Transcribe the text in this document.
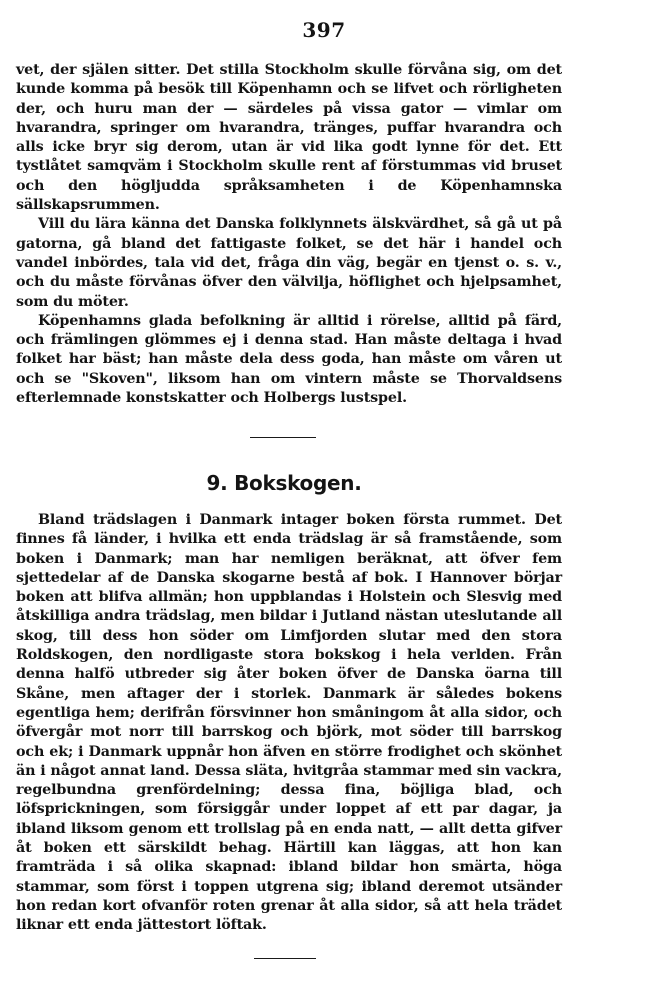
397

vet, der själen sitter. Det stilla Stockholm skulle förvåna sig, om det kunde komma på besök till Köpenhamn och se lifvet och rörligheten der, och huru man der — särdeles på vissa gator — vimlar om hvarandra, springer om hvarandra, tränges, puffar hvarandra och alls icke bryr sig derom, utan är vid lika godt lynne för det. Ett tystlåtet samqväm i Stockholm skulle rent af förstummas vid bruset och den högljudda språksamheten i de Köpenhamnska sällskapsrummen.

Vill du lära känna det Danska folklynnets älskvärdhet, så gå ut på gatorna, gå bland det fattigaste folket, se det här i handel och vandel inbördes, tala vid det, fråga din väg, begär en tjenst o. s. v., och du måste förvånas öfver den välvilja, höflighet och hjelpsamhet, som du möter.

Köpenhamns glada befolkning är alltid i rörelse, alltid på färd, och främlingen glömmes ej i denna stad. Han måste deltaga i hvad folket har bäst; han måste dela dess goda, han måste om våren ut och se "Skoven", liksom han om vintern måste se Thorvaldsens efterlemnade konstskatter och Holbergs lustspel.

9. Bokskogen.

Bland trädslagen i Danmark intager boken första rummet. Det finnes få länder, i hvilka ett enda trädslag är så framstående, som boken i Danmark; man har nemligen beräknat, att öfver fem sjettedelar af de Danska skogarne bestå af bok. I Hannover börjar boken att blifva allmän; hon uppblandas i Holstein och Slesvig med åtskilliga andra trädslag, men bildar i Jutland nästan uteslutande all skog, till dess hon söder om Limfjorden slutar med den stora Roldskogen, den nordligaste stora bokskog i hela verlden. Från denna halfö utbreder sig åter boken öfver de Danska öarna till Skåne, men aftager der i storlek. Danmark är således bokens egentliga hem; derifrån försvinner hon småningom åt alla sidor, och öfvergår mot norr till barrskog och björk, mot söder till barrskog och ek; i Danmark uppnår hon äfven en större frodighet och skönhet än i något annat land. Dessa släta, hvitgråa stammar med sin vackra, regelbundna grenfördelning; dessa fina, böjliga blad, och löfsprickningen, som försiggår under loppet af ett par dagar, ja ibland liksom genom ett trollslag på en enda natt, — allt detta gifver åt boken ett särskildt behag. Härtill kan läggas, att hon kan framträda i så olika skapnad: ibland bildar hon smärta, höga stammar, som först i toppen utgrena sig; ibland deremot utsänder hon redan kort ofvanför roten grenar åt alla sidor, så att hela trädet liknar ett enda jättestort löftak.
